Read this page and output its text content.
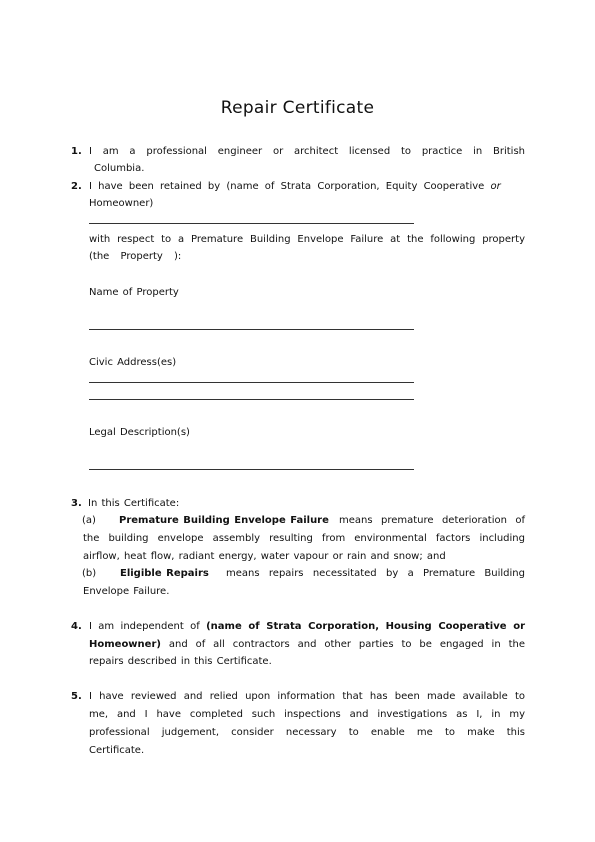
Repair Certificate
1. I am a professional engineer or architect licensed to practice in British
Columbia.
2. I have been retained by (name of Strata Corporation, Equity Cooperative or
Homeowner)
with respect to a Premature Building Envelope Failure at the following property
(the Property ):
Name of Property
Civic Address(es)
Legal Description(s)
3. In this Certificate:
(a) Premature Building Envelope Failure means premature deterioration of
the building envelope assembly resulting from environmental factors including
airflow, heat flow, radiant energy, water vapour or rain and snow; and
(b) Eligible Repairs means repairs necessitated by a Premature Building
Envelope Failure.
4. I am independent of (name of Strata Corporation, Housing Cooperative or
Homeowner) and of all contractors and other parties to be engaged in the
repairs described in this Certificate.
5. I have reviewed and relied upon information that has been made available to
me, and I have completed such inspections and investigations as I, in my
professional judgement, consider necessary to enable me to make this
Certificate.
